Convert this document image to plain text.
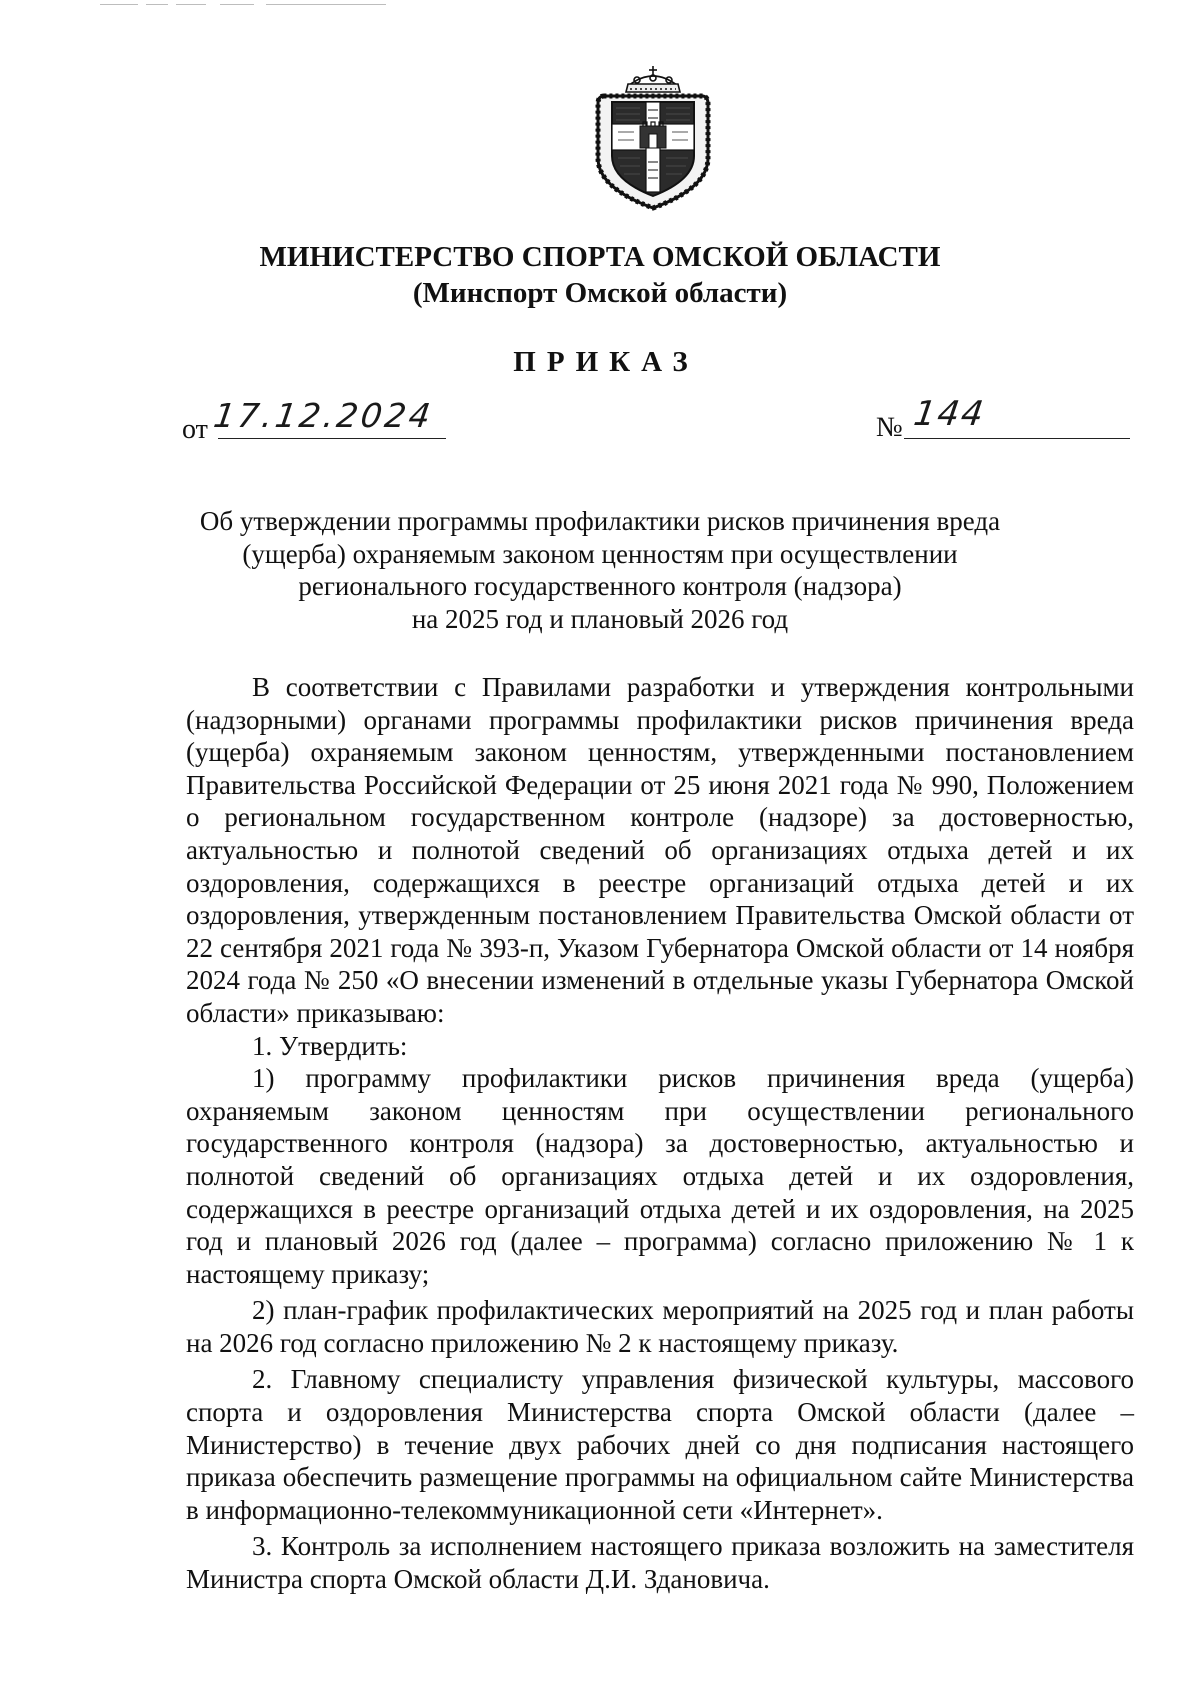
МИНИСТЕРСТВО СПОРТА ОМСКОЙ ОБЛАСТИ
(Минспорт Омской области)
ПРИКАЗ
от 17.12.2024	№ 144
Об утверждении программы профилактики рисков причинения вреда
(ущерба) охраняемым законом ценностям при осуществлении
регионального государственного контроля (надзора)
на 2025 год и плановый 2026 год

В соответствии с Правилами разработки и утверждения контрольными (надзорными) органами программы профилактики рисков причинения вреда (ущерба) охраняемым законом ценностям, утвержденными постановлением Правительства Российской Федерации от 25 июня 2021 года № 990, Положением о региональном государственном контроле (надзоре) за достоверностью, актуальностью и полнотой сведений об организациях отдыха детей и их оздоровления, содержащихся в реестре организаций отдыха детей и их оздоровления, утвержденным постановлением Правительства Омской области от 22 сентября 2021 года № 393-п, Указом Губернатора Омской области от 14 ноября 2024 года № 250 «О внесении изменений в отдельные указы Губернатора Омской области» приказываю:

1. Утвердить:

1) программу профилактики рисков причинения вреда (ущерба) охраняемым законом ценностям при осуществлении регионального государственного контроля (надзора) за достоверностью, актуальностью и полнотой сведений об организациях отдыха детей и их оздоровления, содержащихся в реестре организаций отдыха детей и их оздоровления, на 2025 год и плановый 2026 год (далее – программа) согласно приложению № 1 к настоящему приказу;

2) план-график профилактических мероприятий на 2025 год и план работы на 2026 год согласно приложению № 2 к настоящему приказу.

2. Главному специалисту управления физической культуры, массового спорта и оздоровления Министерства спорта Омской области (далее – Министерство) в течение двух рабочих дней со дня подписания настоящего приказа обеспечить размещение программы на официальном сайте Министерства в информационно-телекоммуникационной сети «Интернет».

3. Контроль за исполнением настоящего приказа возложить на заместителя Министра спорта Омской области Д.И. Здановича.
